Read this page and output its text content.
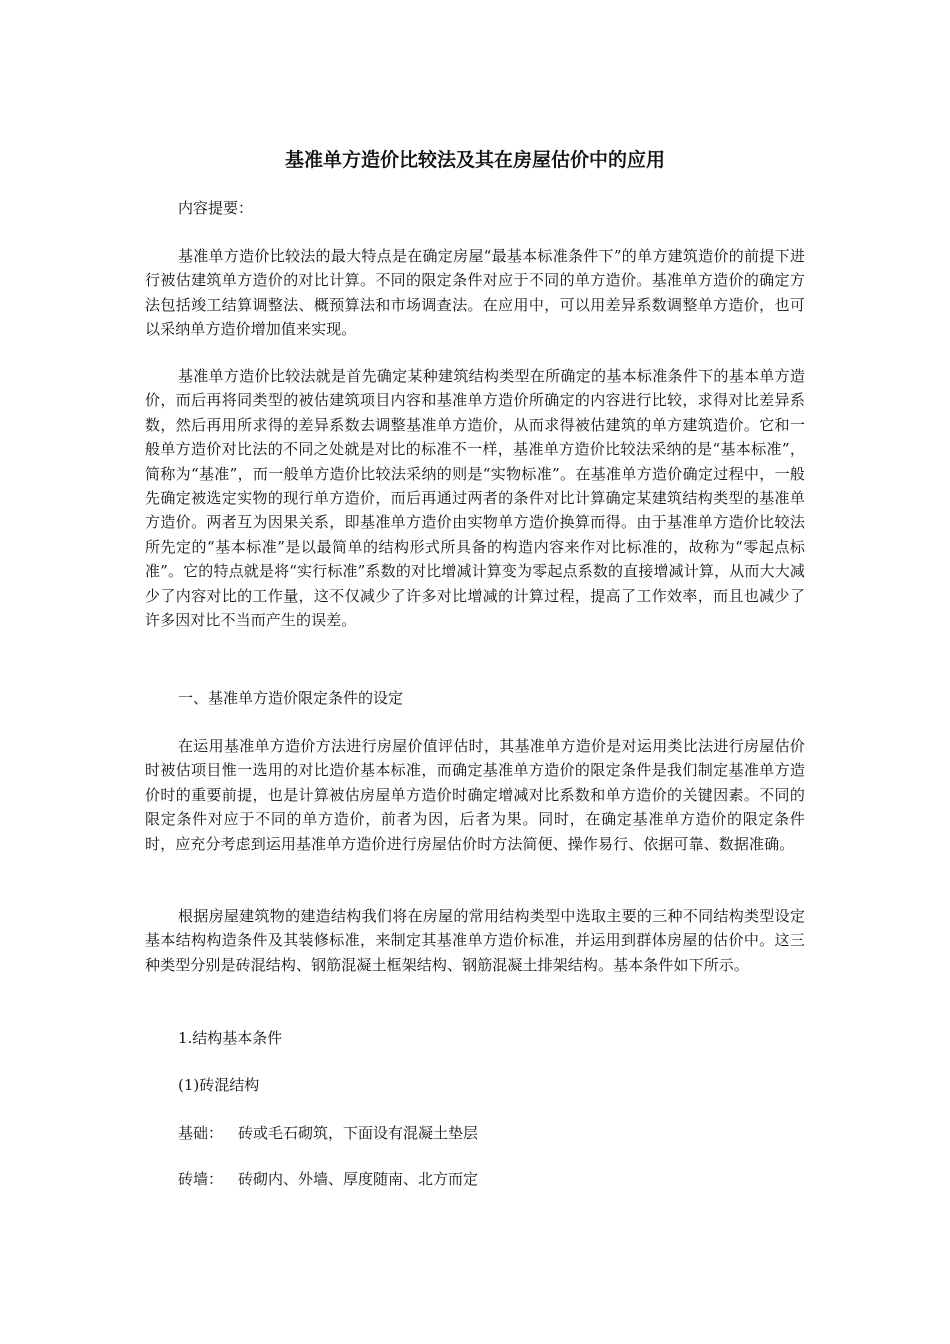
基准单方造价比较法及其在房屋估价中的应用

内容提要：

基准单方造价比较法的最大特点是在确定房屋“最基本标准条件下”的单方建筑造价的前提下进行被估建筑单方造价的对比计算。不同的限定条件对应于不同的单方造价。基准单方造价的确定方法包括竣工结算调整法、概预算法和市场调查法。在应用中，可以用差异系数调整单方造价，也可以采纳单方造价增加值来实现。

基准单方造价比较法就是首先确定某种建筑结构类型在所确定的基本标准条件下的基本单方造价，而后再将同类型的被估建筑项目内容和基准单方造价所确定的内容进行比较，求得对比差异系数，然后再用所求得的差异系数去调整基准单方造价，从而求得被估建筑的单方建筑造价。它和一般单方造价对比法的不同之处就是对比的标准不一样，基准单方造价比较法采纳的是“基本标准”，简称为“基准”，而一般单方造价比较法采纳的则是“实物标准”。在基准单方造价确定过程中，一般先确定被选定实物的现行单方造价，而后再通过两者的条件对比计算确定某建筑结构类型的基准单方造价。两者互为因果关系，即基准单方造价由实物单方造价换算而得。由于基准单方造价比较法所先定的“基本标准”是以最简单的结构形式所具备的构造内容来作对比标准的，故称为“零起点标准”。它的特点就是将“实行标准”系数的对比增减计算变为零起点系数的直接增减计算，从而大大减少了内容对比的工作量，这不仅减少了许多对比增减的计算过程，提高了工作效率，而且也减少了许多因对比不当而产生的误差。

一、基准单方造价限定条件的设定

在运用基准单方造价方法进行房屋价值评估时，其基准单方造价是对运用类比法进行房屋估价时被估项目惟一选用的对比造价基本标准，而确定基准单方造价的限定条件是我们制定基准单方造价时的重要前提，也是计算被估房屋单方造价时确定增减对比系数和单方造价的关键因素。不同的限定条件对应于不同的单方造价，前者为因，后者为果。同时，在确定基准单方造价的限定条件时，应充分考虑到运用基准单方造价进行房屋估价时方法简便、操作易行、依据可靠、数据准确。

根据房屋建筑物的建造结构我们将在房屋的常用结构类型中选取主要的三种不同结构类型设定基本结构构造条件及其装修标准，来制定其基准单方造价标准，并运用到群体房屋的估价中。这三种类型分别是砖混结构、钢筋混凝土框架结构、钢筋混凝土排架结构。基本条件如下所示。

1.结构基本条件

(1)砖混结构

基础： 砖或毛石砌筑，下面设有混凝土垫层

砖墙： 砖砌内、外墙、厚度随南、北方而定
